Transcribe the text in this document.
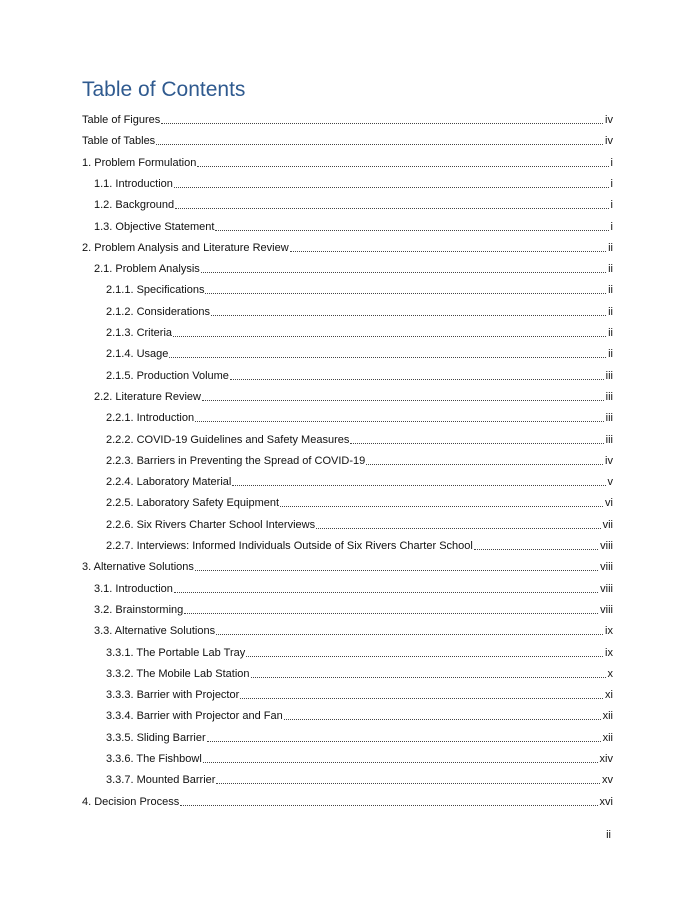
Table of Contents
Table of Figures	iv
Table of Tables	iv
1. Problem Formulation	i
1.1. Introduction	i
1.2. Background	i
1.3. Objective Statement	i
2. Problem Analysis and Literature Review	ii
2.1. Problem Analysis	ii
2.1.1. Specifications	ii
2.1.2. Considerations	ii
2.1.3. Criteria	ii
2.1.4. Usage	ii
2.1.5. Production Volume	iii
2.2. Literature Review	iii
2.2.1. Introduction	iii
2.2.2. COVID-19 Guidelines and Safety Measures	iii
2.2.3. Barriers in Preventing the Spread of COVID-19	iv
2.2.4. Laboratory Material	v
2.2.5. Laboratory Safety Equipment	vi
2.2.6. Six Rivers Charter School Interviews	vii
2.2.7. Interviews: Informed Individuals Outside of Six Rivers Charter School	viii
3. Alternative Solutions	viii
3.1. Introduction	viii
3.2. Brainstorming	viii
3.3. Alternative Solutions	ix
3.3.1. The Portable Lab Tray	ix
3.3.2. The Mobile Lab Station	x
3.3.3. Barrier with Projector	xi
3.3.4. Barrier with Projector and Fan	xii
3.3.5. Sliding Barrier	xii
3.3.6. The Fishbowl	xiv
3.3.7. Mounted Barrier	xv
4. Decision Process	xvi
ii
